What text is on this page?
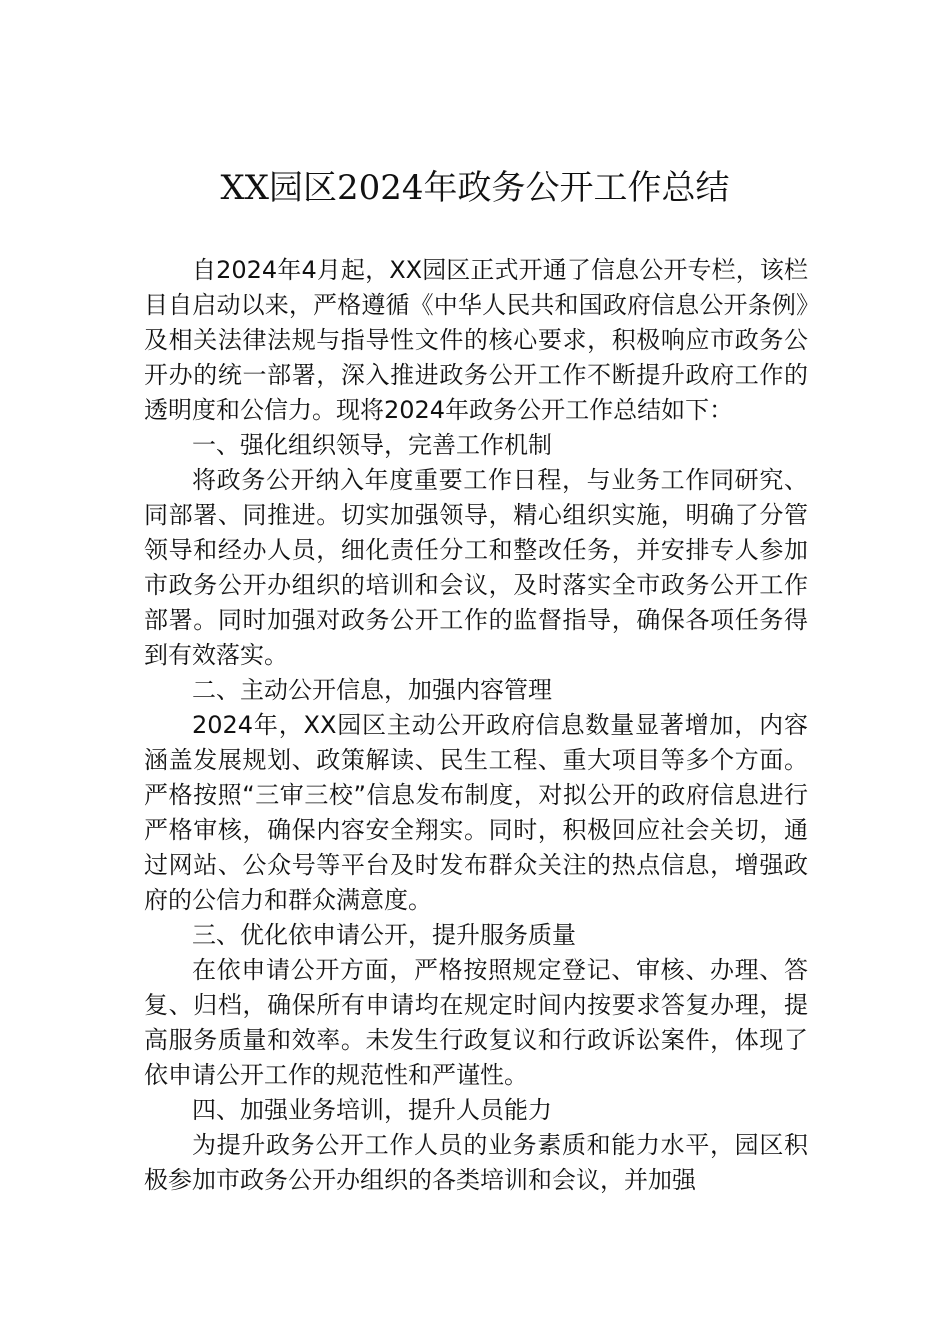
XX园区2024年政务公开工作总结

自2024年4月起，XX园区正式开通了信息公开专栏，该栏目自启动以来，严格遵循《中华人民共和国政府信息公开条例》及相关法律法规与指导性文件的核心要求，积极响应市政务公开办的统一部署，深入推进政务公开工作不断提升政府工作的透明度和公信力。现将2024年政务公开工作总结如下：

一、强化组织领导，完善工作机制

将政务公开纳入年度重要工作日程，与业务工作同研究、同部署、同推进。切实加强领导，精心组织实施，明确了分管领导和经办人员，细化责任分工和整改任务，并安排专人参加市政务公开办组织的培训和会议，及时落实全市政务公开工作部署。同时加强对政务公开工作的监督指导，确保各项任务得到有效落实。

二、主动公开信息，加强内容管理

2024年，XX园区主动公开政府信息数量显著增加，内容涵盖发展规划、政策解读、民生工程、重大项目等多个方面。严格按照“三审三校”信息发布制度，对拟公开的政府信息进行严格审核，确保内容安全翔实。同时，积极回应社会关切，通过网站、公众号等平台及时发布群众关注的热点信息，增强政府的公信力和群众满意度。

三、优化依申请公开，提升服务质量

在依申请公开方面，严格按照规定登记、审核、办理、答复、归档，确保所有申请均在规定时间内按要求答复办理，提高服务质量和效率。未发生行政复议和行政诉讼案件，体现了依申请公开工作的规范性和严谨性。

四、加强业务培训，提升人员能力

为提升政务公开工作人员的业务素质和能力水平，园区积极参加市政务公开办组织的各类培训和会议，并加强
